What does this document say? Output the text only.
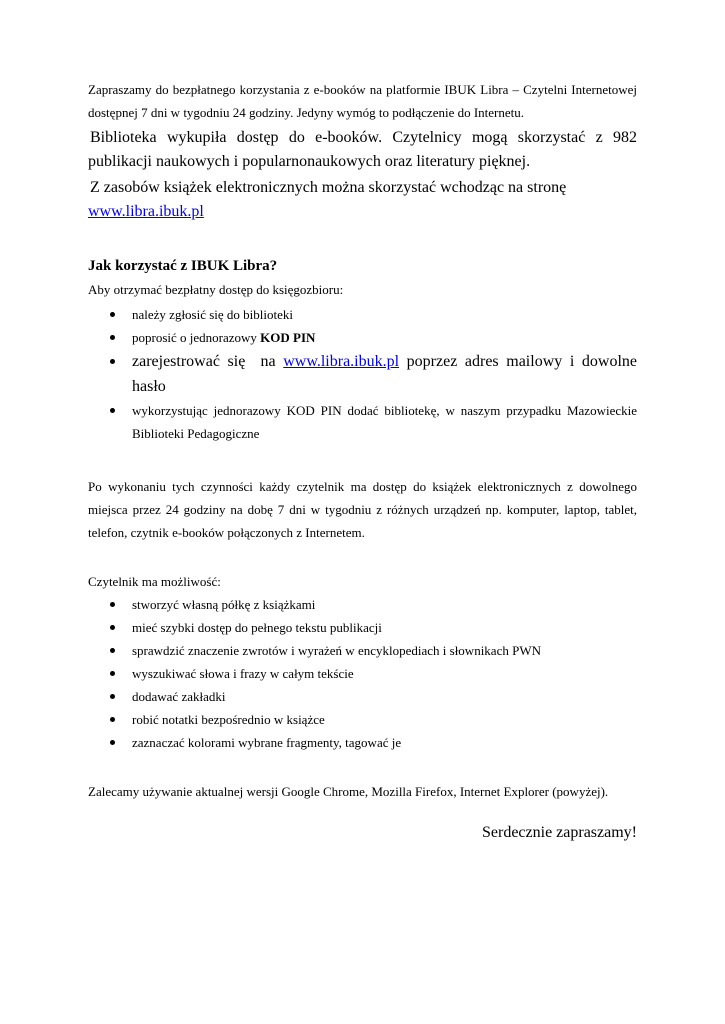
Zapraszamy do bezpłatnego korzystania z e-booków na platformie IBUK Libra – Czytelni Internetowej dostępnej 7 dni w tygodniu 24 godziny. Jedyny wymóg to podłączenie do Internetu.

Biblioteka wykupiła dostęp do e-booków. Czytelnicy mogą skorzystać z 982 publikacji naukowych i popularnonaukowych oraz literatury pięknej.

Z zasobów książek elektronicznych można skorzystać wchodząc na stronę www.libra.ibuk.pl

Jak korzystać z IBUK Libra?

Aby otrzymać bezpłatny dostęp do księgozbioru:

należy zgłosić się do biblioteki
poprosić o jednorazowy KOD PIN
zarejestrować się  na www.libra.ibuk.pl poprzez adres mailowy i dowolne hasło
wykorzystując jednorazowy KOD PIN dodać bibliotekę, w naszym przypadku Mazowieckie Biblioteki Pedagogiczne

Po wykonaniu tych czynności każdy czytelnik ma dostęp do książek elektronicznych z dowolnego miejsca przez 24 godziny na dobę 7 dni w tygodniu z różnych urządzeń np. komputer, laptop, tablet, telefon, czytnik e-booków połączonych z Internetem.

Czytelnik ma możliwość:

stworzyć własną półkę z książkami
mieć szybki dostęp do pełnego tekstu publikacji
sprawdzić znaczenie zwrotów i wyrażeń w encyklopediach i słownikach PWN
wyszukiwać słowa i frazy w całym tekście
dodawać zakładki
robić notatki bezpośrednio w książce
zaznaczać kolorami wybrane fragmenty, tagować je

Zalecamy używanie aktualnej wersji Google Chrome, Mozilla Firefox, Internet Explorer (powyżej).

Serdecznie zapraszamy!
